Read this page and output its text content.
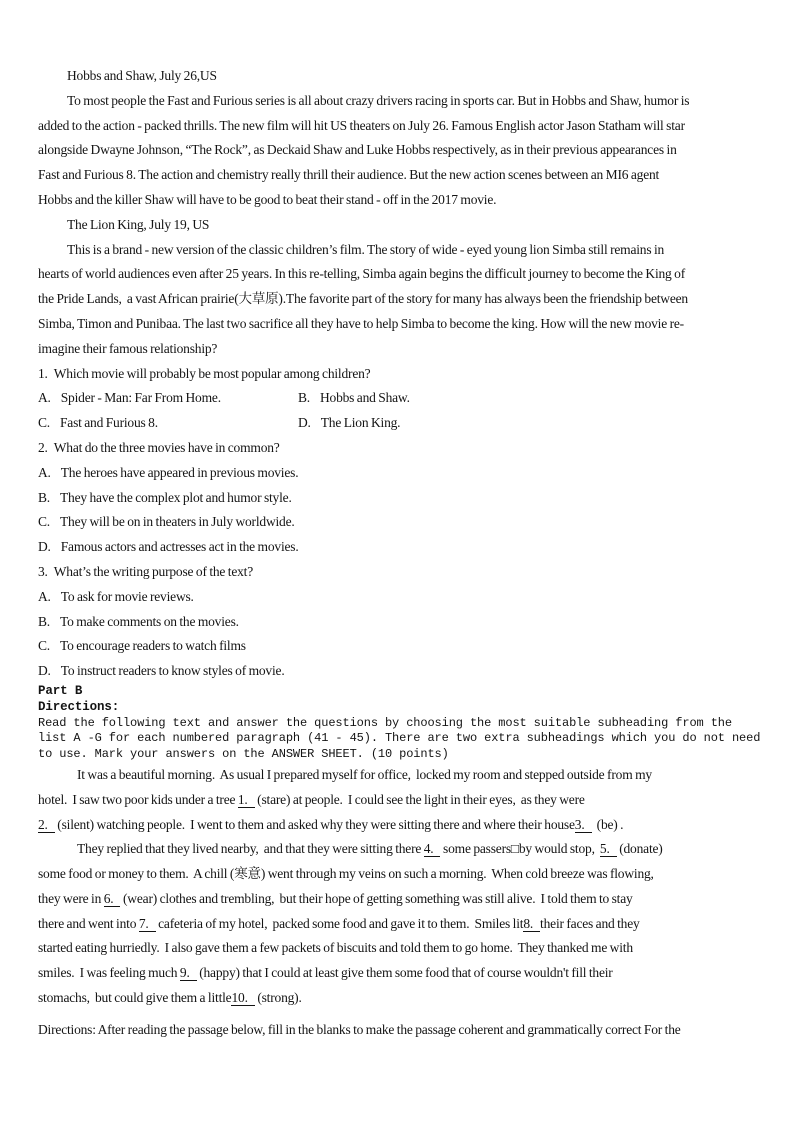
Hobbs and Shaw, July 26,US
To most people the Fast and Furious series is all about crazy drivers racing in sports car. But in Hobbs and Shaw, humor is
added to the action - packed thrills. The new film will hit US theaters on July 26. Famous English actor Jason Statham will star
alongside Dwayne Johnson, “The Rock”, as Deckaid Shaw and Luke Hobbs respectively, as in their previous appearances in
Fast and Furious 8. The action and chemistry really thrill their audience. But the new action scenes between an MI6 agent
Hobbs and the killer Shaw will have to be good to beat their stand - off in the 2017 movie.
The Lion King, July 19, US
This is a brand - new version of the classic children’s film. The story of wide - eyed young lion Simba still remains in
hearts of world audiences even after 25 years. In this re-telling, Simba again begins the difficult journey to become the King of
the Pride Lands,  a vast African prairie(大草原).The favorite part of the story for many has always been the friendship between
Simba, Timon and Punibaa. The last two sacrifice all they have to help Simba to become the king. How will the new movie re-
imagine their famous relationship?
1. Which movie will probably be most popular among children?
A. Spider - Man: Far From Home.	B. Hobbs and Shaw.
C. Fast and Furious 8.	D. The Lion King.
2. What do the three movies have in common?
A. The heroes have appeared in previous movies.
B. They have the complex plot and humor style.
C. They will be on in theaters in July worldwide.
D. Famous actors and actresses act in the movies.
3. What’s the writing purpose of the text?
A. To ask for movie reviews.
B. To make comments on the movies.
C. To encourage readers to watch films
D. To instruct readers to know styles of movie.
Part B
Directions:
Read the following text and answer the questions by choosing the most suitable subheading from the
list A -G for each numbered paragraph (41 - 45). There are two extra subheadings which you do not need
to use. Mark your answers on the ANSWER SHEET. (10 points)
It was a beautiful morning.  As usual I prepared myself for office,  locked my room and stepped outside from my
hotel.  I saw two poor kids under a tree 1. (stare) at people.  I could see the light in their eyes,  as they were
2. (silent) watching people.  I went to them and asked why they were sitting there and where their house3.  (be) .
They replied that they lived nearby,  and that they were sitting there 4. some passers□by would stop,  5. (donate)
some food or money to them.  A chill (寒意) went through my veins on such a morning.  When cold breeze was flowing,
they were in 6. (wear) clothes and trembling,  but their hope of getting something was still alive.  I told them to stay
there and went into 7. cafeteria of my hotel,  packed some food and gave it to them.  Smiles lit8. their faces and they
started eating hurriedly.  I also gave them a few packets of biscuits and told them to go home.  They thanked me with
smiles.  I was feeling much 9. (happy) that I could at least give them some food that of course wouldn't fill their
stomachs,  but could give them a little10. (strong).
Directions: After reading the passage below, fill in the blanks to make the passage coherent and grammatically correct For the
